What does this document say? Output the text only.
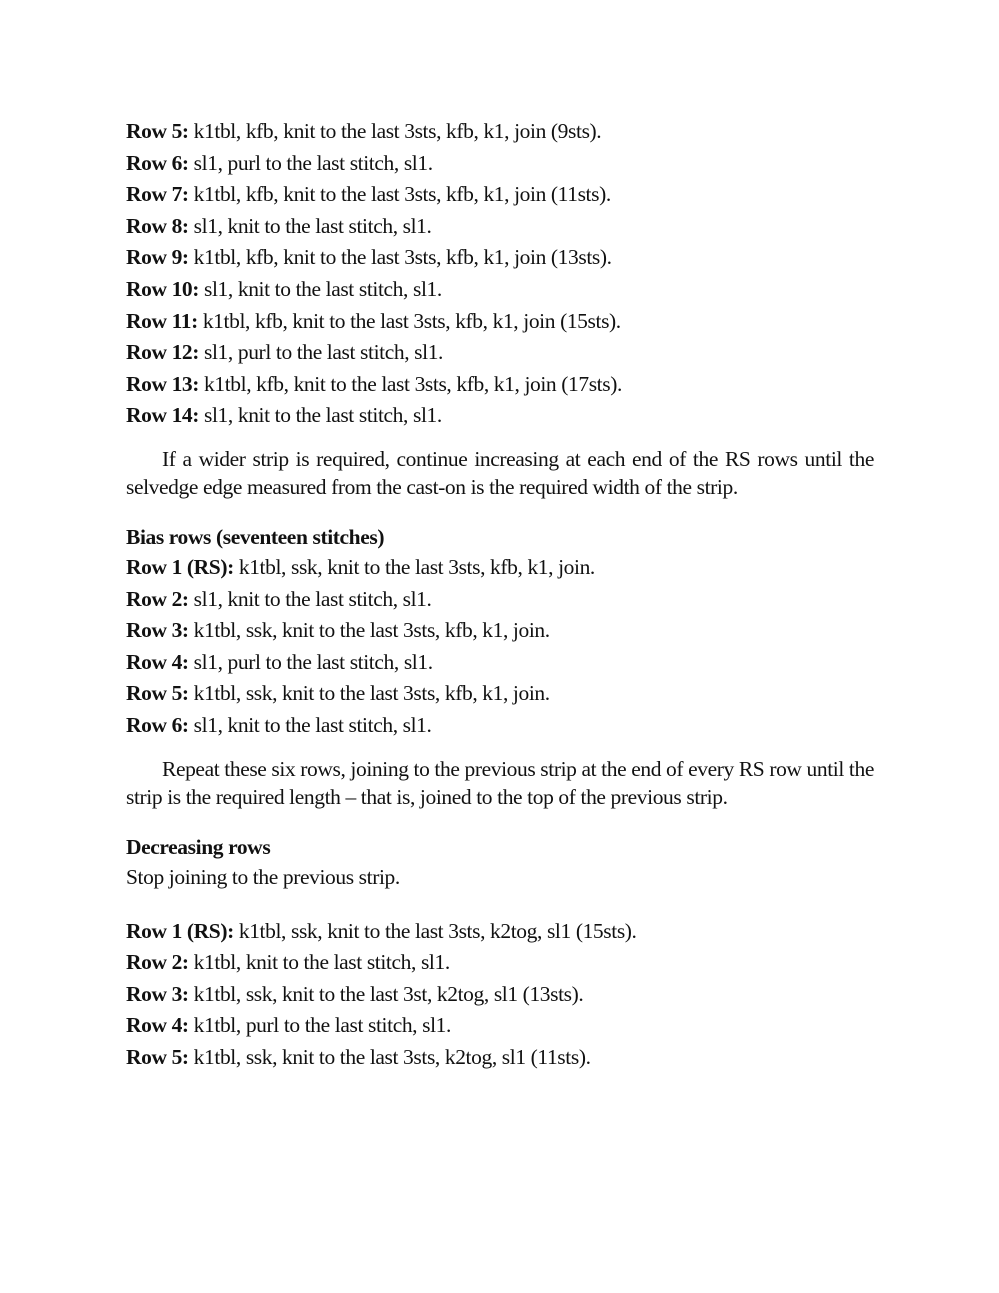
Row 5: k1tbl, kfb, knit to the last 3sts, kfb, k1, join (9sts).
Row 6: sl1, purl to the last stitch, sl1.
Row 7: k1tbl, kfb, knit to the last 3sts, kfb, k1, join (11sts).
Row 8: sl1, knit to the last stitch, sl1.
Row 9: k1tbl, kfb, knit to the last 3sts, kfb, k1, join (13sts).
Row 10: sl1, knit to the last stitch, sl1.
Row 11: k1tbl, kfb, knit to the last 3sts, kfb, k1, join (15sts).
Row 12: sl1, purl to the last stitch, sl1.
Row 13: k1tbl, kfb, knit to the last 3sts, kfb, k1, join (17sts).
Row 14: sl1, knit to the last stitch, sl1.

If a wider strip is required, continue increasing at each end of the RS rows until the selvedge edge measured from the cast-on is the required width of the strip.

Bias rows (seventeen stitches)
Row 1 (RS): k1tbl, ssk, knit to the last 3sts, kfb, k1, join.
Row 2: sl1, knit to the last stitch, sl1.
Row 3: k1tbl, ssk, knit to the last 3sts, kfb, k1, join.
Row 4: sl1, purl to the last stitch, sl1.
Row 5: k1tbl, ssk, knit to the last 3sts, kfb, k1, join.
Row 6: sl1, knit to the last stitch, sl1.

Repeat these six rows, joining to the previous strip at the end of every RS row until the strip is the required length – that is, joined to the top of the previous strip.

Decreasing rows
Stop joining to the previous strip.
Row 1 (RS): k1tbl, ssk, knit to the last 3sts, k2tog, sl1 (15sts).
Row 2: k1tbl, knit to the last stitch, sl1.
Row 3: k1tbl, ssk, knit to the last 3st, k2tog, sl1 (13sts).
Row 4: k1tbl, purl to the last stitch, sl1.
Row 5: k1tbl, ssk, knit to the last 3sts, k2tog, sl1 (11sts).
